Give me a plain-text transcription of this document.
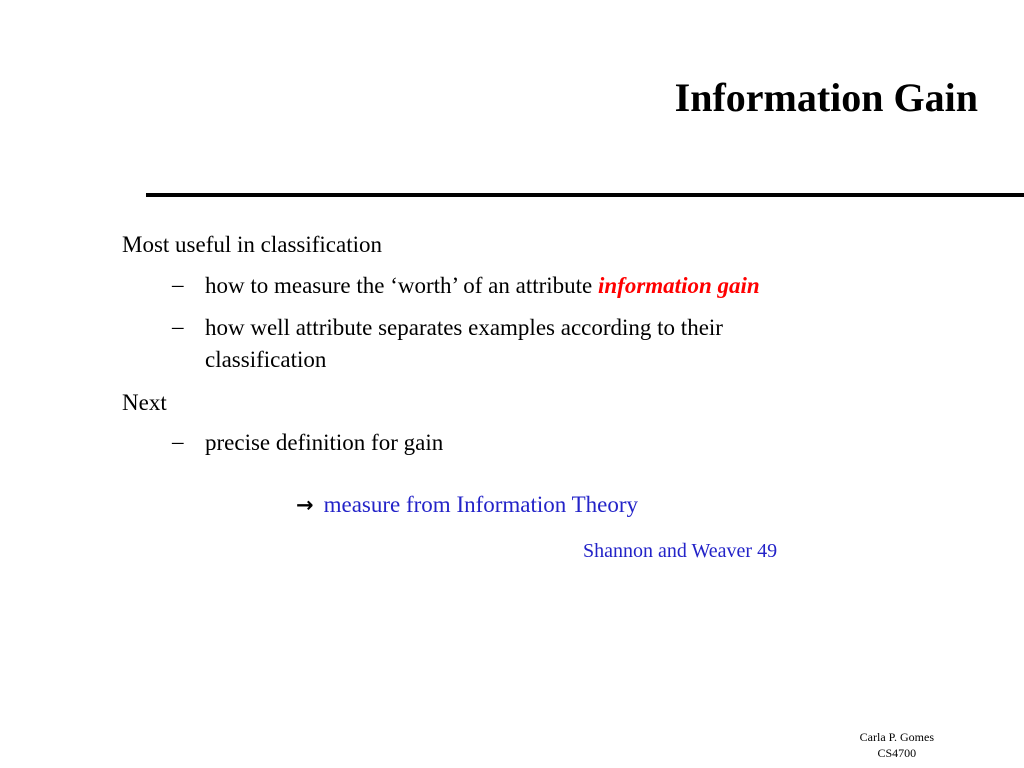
Information Gain
Most useful in classification
– how to measure the ‘worth’ of an attribute information gain
– how well attribute separates examples according to their
classification
Next
– precise definition for gain
→ measure from Information Theory
Shannon and Weaver 49
Carla P. Gomes
CS4700
